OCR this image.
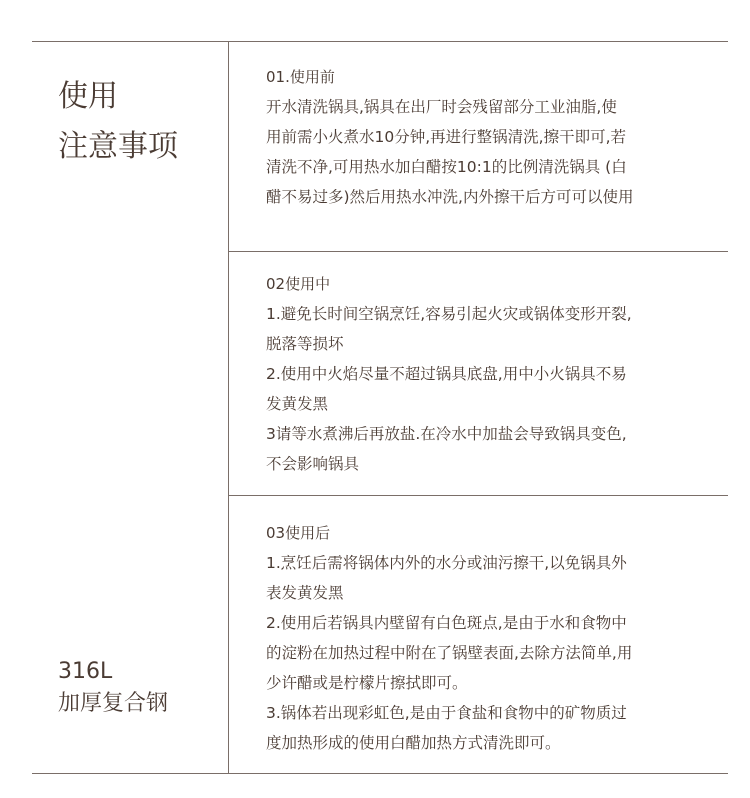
使用
注意事项
316L
加厚复合钢
01.使用前
开水清洗锅具,锅具在出厂时会残留部分工业油脂,使
用前需小火煮水10分钟,再进行整锅清洗,擦干即可,若
清洗不净,可用热水加白醋按10:1的比例清洗锅具 (白
醋不易过多)然后用热水冲洗,内外擦干后方可可以使用
02使用中
1.避免长时间空锅烹饪,容易引起火灾或锅体变形开裂,
脱落等损坏
2.使用中火焰尽量不超过锅具底盘,用中小火锅具不易
发黄发黑
3请等水煮沸后再放盐.在冷水中加盐会导致锅具变色,
不会影响锅具
03使用后
1.烹饪后需将锅体内外的水分或油污擦干,以免锅具外
表发黄发黑
2.使用后若锅具内壁留有白色斑点,是由于水和食物中
的淀粉在加热过程中附在了锅壁表面,去除方法简单,用
少许醋或是柠檬片擦拭即可。
3.锅体若出现彩虹色,是由于食盐和食物中的矿物质过
度加热形成的使用白醋加热方式清洗即可。
